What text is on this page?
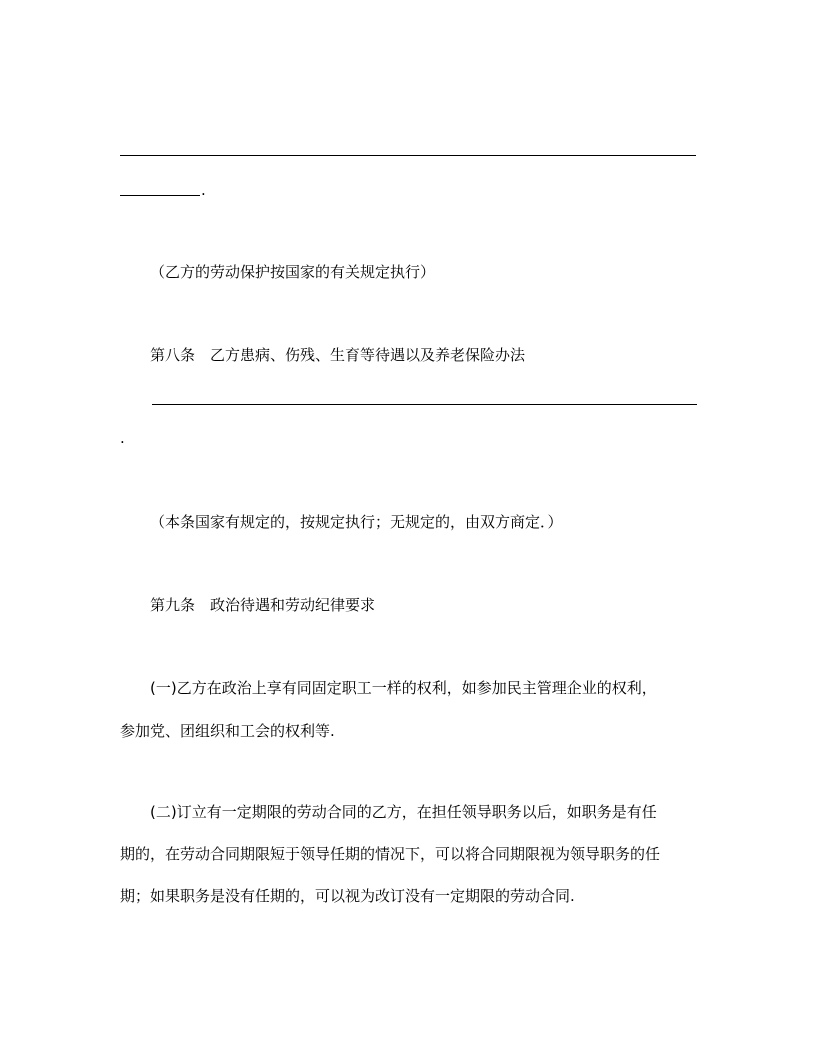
.
（乙方的劳动保护按国家的有关规定执行）
第八条　乙方患病、伤残、生育等待遇以及养老保险办法
.
（本条国家有规定的，按规定执行；无规定的，由双方商定．）
第九条　政治待遇和劳动纪律要求
(一)乙方在政治上享有同固定职工一样的权利，如参加民主管理企业的权利，
参加党、团组织和工会的权利等.
(二)订立有一定期限的劳动合同的乙方，在担任领导职务以后，如职务是有任
期的，在劳动合同期限短于领导任期的情况下，可以将合同期限视为领导职务的任
期；如果职务是没有任期的，可以视为改订没有一定期限的劳动合同.
